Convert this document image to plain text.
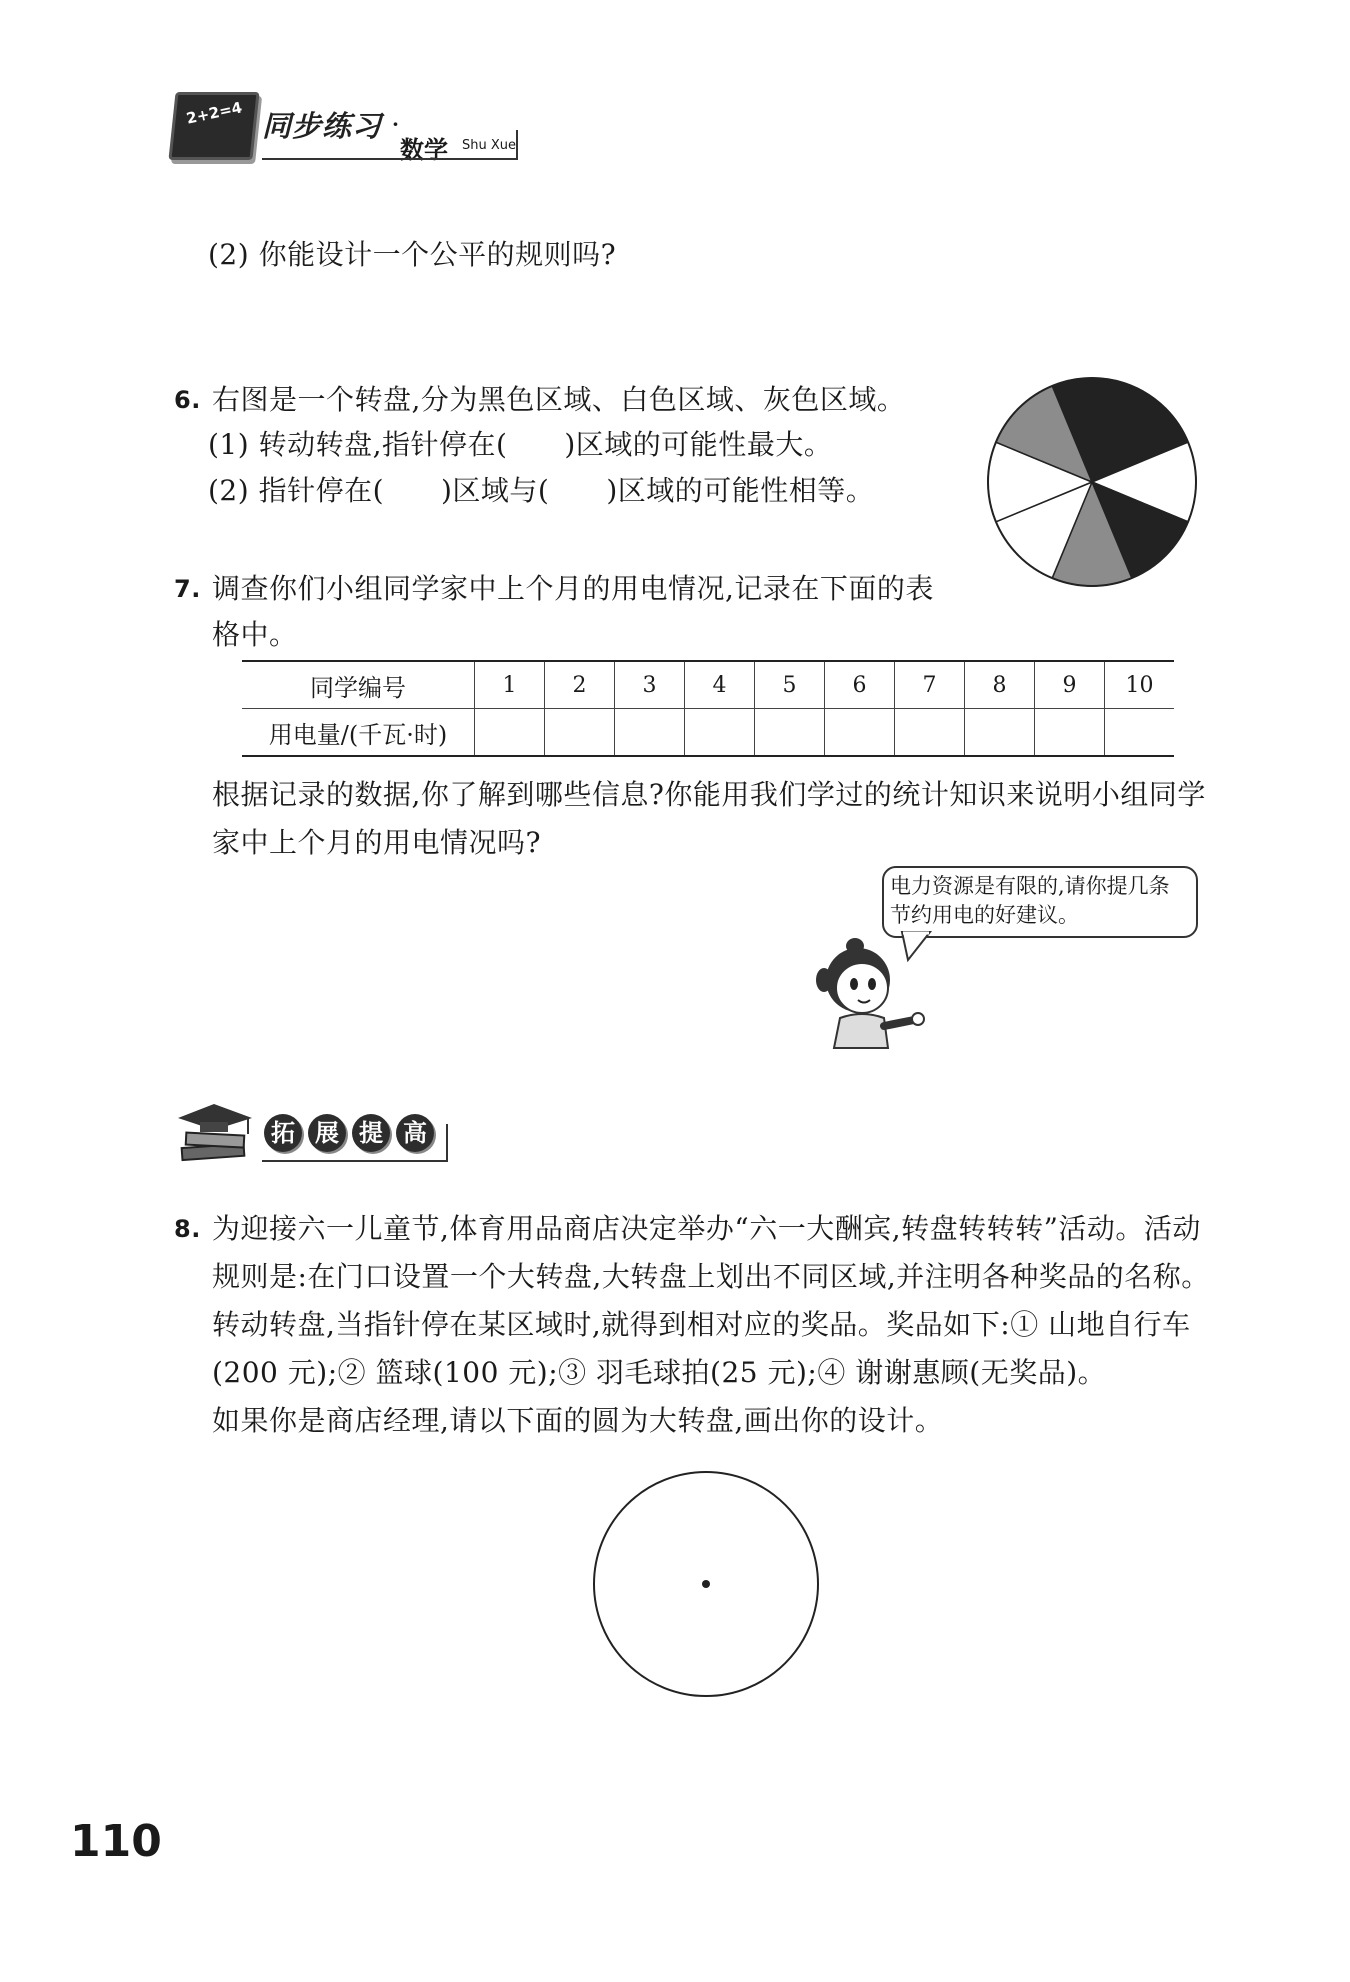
2+2=4 同步练习 ·
数学 Shu Xue
(2) 你能设计一个公平的规则吗?
6. 右图是一个转盘,分为黑色区域、白色区域、灰色区域。
(1) 转动转盘,指针停在(　　)区域的可能性最大。
(2) 指针停在(　　)区域与(　　)区域的可能性相等。
7. 调查你们小组同学家中上个月的用电情况,记录在下面的表
格中。
同学编号	1	2	3	4	5	6	7	8	9	10
用电量/(千瓦·时)										
根据记录的数据,你了解到哪些信息?你能用我们学过的统计知识来说明小组同学
家中上个月的用电情况吗?
电力资源是有限的,请你提几条
节约用电的好建议。
拓 展 提 高
8. 为迎接六一儿童节,体育用品商店决定举办“六一大酬宾,转盘转转转”活动。活动
规则是:在门口设置一个大转盘,大转盘上划出不同区域,并注明各种奖品的名称。
转动转盘,当指针停在某区域时,就得到相对应的奖品。奖品如下:① 山地自行车
(200 元);② 篮球(100 元);③ 羽毛球拍(25 元);④ 谢谢惠顾(无奖品)。
如果你是商店经理,请以下面的圆为大转盘,画出你的设计。
110
